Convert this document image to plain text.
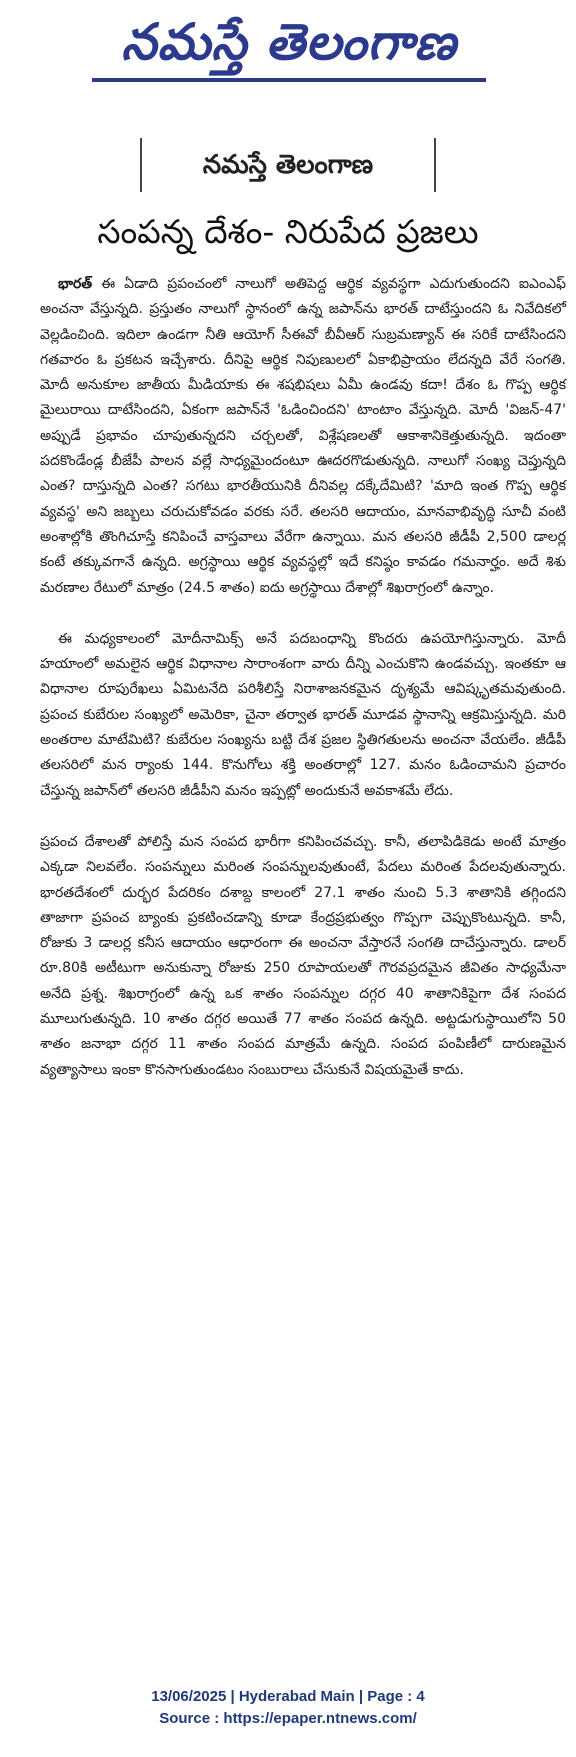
నమస్తే తెలంగాణ
నమస్తే తెలంగాణ
సంపన్న దేశం- నిరుపేద ప్రజలు

భారత్ ఈ ఏడాది ప్రపంచంలో నాలుగో అతిపెద్ద ఆర్థిక వ్యవస్థగా ఎదుగుతుందని ఐఎంఎఫ్ అంచనా వేస్తున్నది. ప్రస్తుతం నాలుగో స్థానంలో ఉన్న జపాన్‌ను భారత్ దాటేస్తుందని ఓ నివేదికలో వెల్లడించింది. ఇదిలా ఉండగా నీతి ఆయోగ్ సీఈవో బీవీఆర్ సుబ్రమణ్యాన్ ఈ సరికే దాటేసిందని గతవారం ఓ ప్రకటన ఇచ్చేశారు. దీనిపై ఆర్థిక నిపుణులలో ఏకాభిప్రాయం లేదన్నది వేరే సంగతి. మోదీ అనుకూల జాతీయ మీడియాకు ఈ శషభిషలు ఏమీ ఉండవు కదా! దేశం ఓ గొప్ప ఆర్థిక మైలురాయి దాటేసిందని, ఏకంగా జపాన్‌నే 'ఓడించిందని' టాంటాం వేస్తున్నది. మోదీ 'విజన్-47' అప్పుడే ప్రభావం చూపుతున్నదని చర్చలతో, విశ్లేషణలతో ఆకాశానికెత్తుతున్నది. ఇదంతా పదకొండేండ్ల బీజేపీ పాలన వల్లే సాధ్యమైందంటూ ఊదరగొడుతున్నది. నాలుగో సంఖ్య చెప్తున్నది ఎంత? దాస్తున్నది ఎంత? సగటు భారతీయునికి దీనివల్ల దక్కేదేమిటి? 'మాది ఇంత గొప్ప ఆర్థిక వ్యవస్థ' అని జబ్బలు చరుచుకోవడం వరకు సరే. తలసరి ఆదాయం, మానవాభివృద్ధి సూచీ వంటి అంశాల్లోకి తొంగిచూస్తే కనిపించే వాస్తవాలు వేరేగా ఉన్నాయి. మన తలసరి జీడీపీ 2,500 డాలర్ల కంటే తక్కువగానే ఉన్నది. అగ్రస్థాయి ఆర్థిక వ్యవస్థల్లో ఇదే కనిష్ఠం కావడం గమనార్హం. అదే శిశు మరణాల రేటులో మాత్రం (24.5 శాతం) ఐదు అగ్రస్థాయి దేశాల్లో శిఖరాగ్రంలో ఉన్నాం.

ఈ మధ్యకాలంలో మోదీనామిక్స్ అనే పదబంధాన్ని కొందరు ఉపయోగిస్తున్నారు. మోదీ హయాంలో అమలైన ఆర్థిక విధానాల సారాంశంగా వారు దీన్ని ఎంచుకొని ఉండవచ్చు. ఇంతకూ ఆ విధానాల రూపురేఖలు ఏమిటనేది పరిశీలిస్తే నిరాశాజనకమైన దృశ్యమే ఆవిష్కృతమవుతుంది. ప్రపంచ కుబేరుల సంఖ్యలో అమెరికా, చైనా తర్వాత భారత్ మూడవ స్థానాన్ని ఆక్రమిస్తున్నది. మరి అంతరాల మాటేమిటి? కుబేరుల సంఖ్యను బట్టి దేశ ప్రజల స్థితిగతులను అంచనా వేయలేం. జీడీపీ తలసరిలో మన ర్యాంకు 144. కొనుగోలు శక్తి అంతరాల్లో 127. మనం ఓడించామని ప్రచారం చేస్తున్న జపాన్‌లో తలసరి జీడీపీని మనం ఇప్పట్లో అందుకునే అవకాశమే లేదు.

ప్రపంచ దేశాలతో పోలిస్తే మన సంపద భారీగా కనిపించవచ్చు. కానీ, తలాపిడికెడు అంటే మాత్రం ఎక్కడా నిలవలేం. సంపన్నులు మరింత సంపన్నులవుతుంటే, పేదలు మరింత పేదలవుతున్నారు. భారతదేశంలో దుర్భర పేదరికం దశాబ్ద కాలంలో 27.1 శాతం నుంచి 5.3 శాతానికి తగ్గిందని తాజాగా ప్రపంచ బ్యాంకు ప్రకటించడాన్ని కూడా కేంద్రప్రభుత్వం గొప్పగా చెప్పుకొంటున్నది. కానీ, రోజుకు 3 డాలర్ల కనీస ఆదాయం ఆధారంగా ఈ అంచనా వేస్తారనే సంగతి దాచేస్తున్నారు. డాలర్ రూ.80కి అటీటుగా అనుకున్నా రోజుకు 250 రూపాయలతో గౌరవప్రదమైన జీవితం సాధ్యమేనా అనేది ప్రశ్న. శిఖరాగ్రంలో ఉన్న ఒక శాతం సంపన్నుల దగ్గర 40 శాతానికిపైగా దేశ సంపద మూలుగుతున్నది. 10 శాతం దగ్గర అయితే 77 శాతం సంపద ఉన్నది. అట్టడుగుస్థాయిలోని 50 శాతం జనాభా దగ్గర 11 శాతం సంపద మాత్రమే ఉన్నది. సంపద పంపిణీలో దారుణమైన వ్యత్యాసాలు ఇంకా కొనసాగుతుండటం సంబురాలు చేసుకునే విషయమైతే కాదు.

13/06/2025 | Hyderabad Main | Page : 4
Source : https://epaper.ntnews.com/
